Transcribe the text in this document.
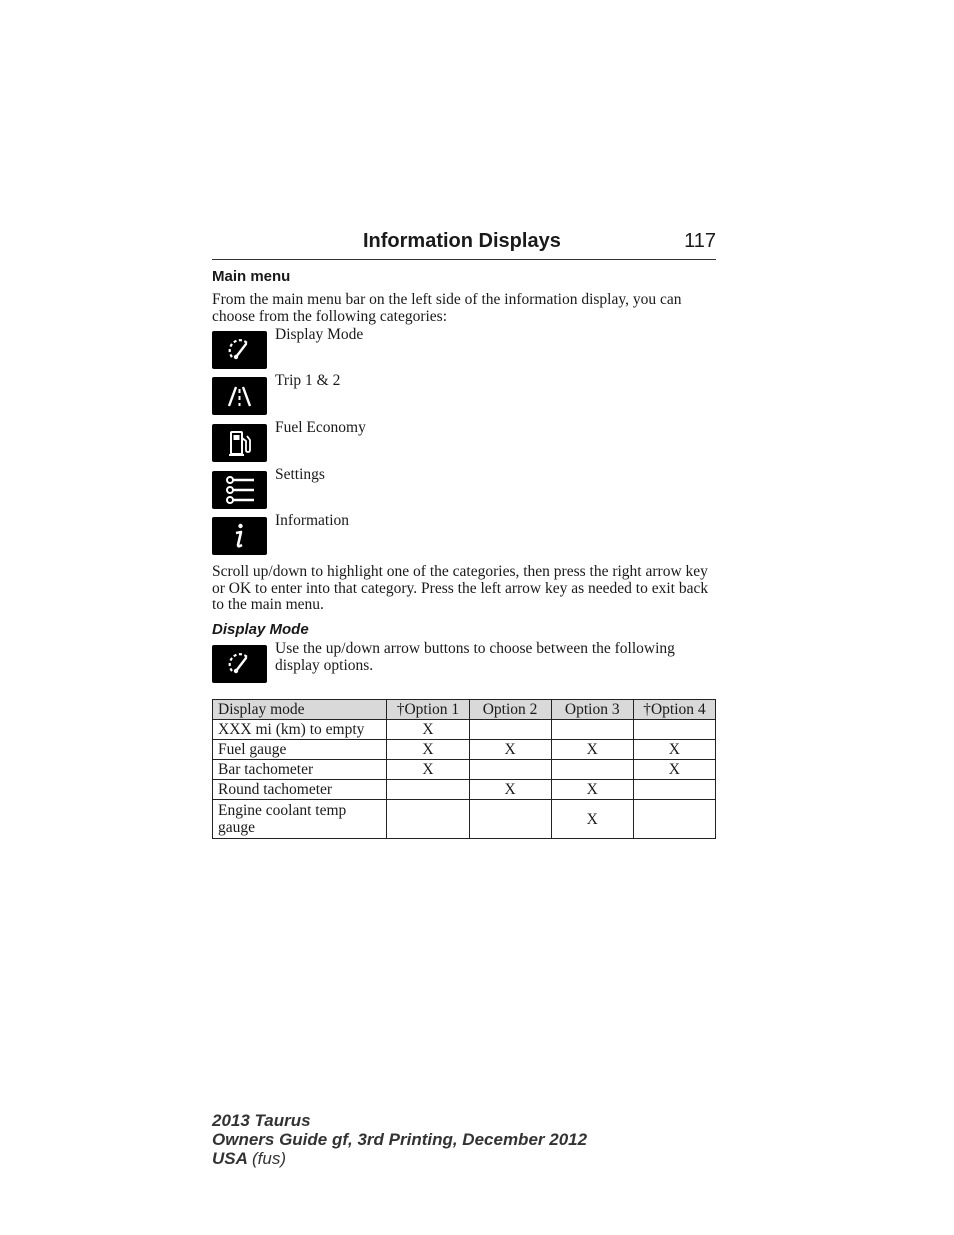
Information Displays	117
Main menu
From the main menu bar on the left side of the information display, you can choose from the following categories:
Display Mode
Trip 1 & 2
Fuel Economy
Settings
Information
Scroll up/down to highlight one of the categories, then press the right arrow key or OK to enter into that category. Press the left arrow key as needed to exit back to the main menu.
Display Mode
Use the up/down arrow buttons to choose between the following display options.
Display mode	†Option 1	Option 2	Option 3	†Option 4
XXX mi (km) to empty	X			
Fuel gauge	X	X	X	X
Bar tachometer	X			X
Round tachometer		X	X	
Engine coolant temp gauge			X	
2013 Taurus
Owners Guide gf, 3rd Printing, December 2012
USA (fus)
